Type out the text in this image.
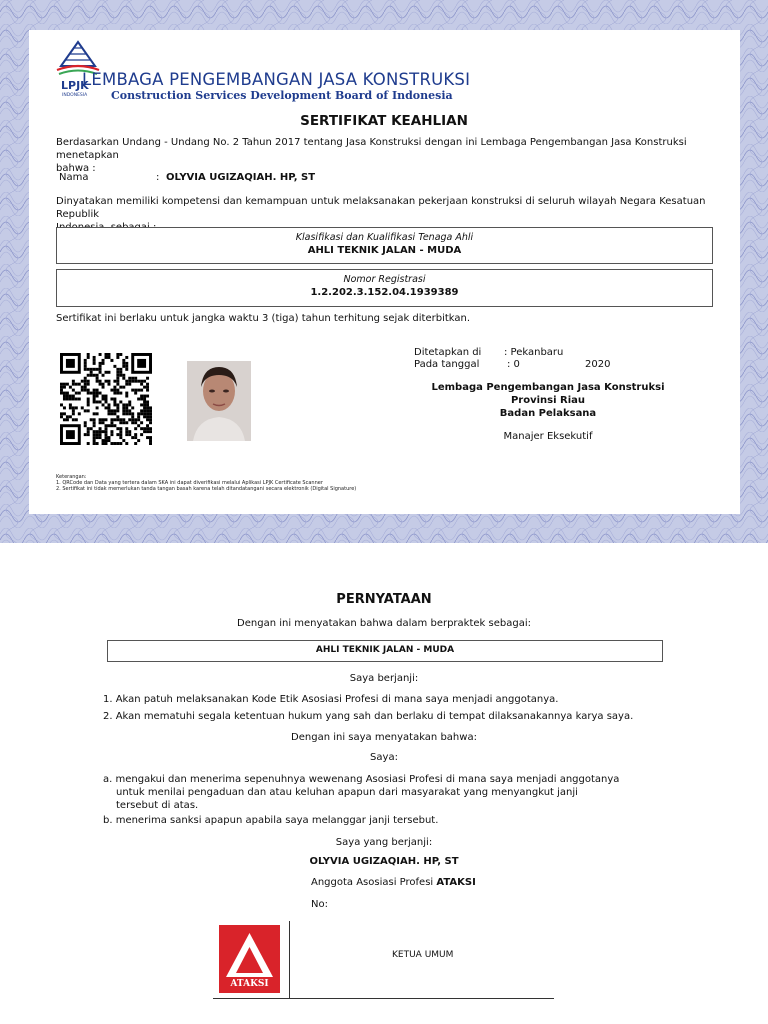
LPJK
INDONESIA
LEMBAGA PENGEMBANGAN JASA KONSTRUKSI
Construction Services Development Board of Indonesia
SERTIFIKAT KEAHLIAN
Berdasarkan Undang - Undang No. 2 Tahun 2017 tentang Jasa Konstruksi dengan ini Lembaga Pengembangan Jasa Konstruksi menetapkan
bahwa :
Nama	: OLYVIA UGIZAQIAH. HP, ST
Dinyatakan memiliki kompetensi dan kemampuan untuk melaksanakan pekerjaan konstruksi di seluruh wilayah Negara Kesatuan Republik
Klasifikasi dan Kualifikasi Tenaga Ahli
AHLI TEKNIK JALAN - MUDA
Nomor Registrasi
1.2.202.3.152.04.1939389
Sertifikat ini berlaku untuk jangka waktu 3 (tiga) tahun terhitung sejak diterbitkan.
Ditetapkan di : Pekanbaru
Pada tanggal	: 0	2020
Lembaga Pengembangan Jasa Konstruksi
Provinsi Riau
Badan Pelaksana
Manajer Eksekutif
Keterangan:
1. QRCode dan Data yang tertera dalam SKA ini dapat diverifikasi melalui Aplikasi LPJK Certificate Scanner
2. Sertifikat ini tidak memerlukan tanda tangan basah karena telah ditandatangani secara elektronik (Digital Signature)
PERNYATAAN
Dengan ini menyatakan bahwa dalam berpraktek sebagai:
AHLI TEKNIK JALAN - MUDA
Saya berjanji:
1. Akan patuh melaksanakan Kode Etik Asosiasi Profesi di mana saya menjadi anggotanya.
2. Akan mematuhi segala ketentuan hukum yang sah dan berlaku di tempat dilaksanakannya karya saya.
Dengan ini saya menyatakan bahwa:
Saya:
a. mengakui dan menerima sepenuhnya wewenang Asosiasi Profesi di mana saya menjadi anggotanya
untuk menilai pengaduan dan atau keluhan apapun dari masyarakat yang menyangkut janji
tersebut di atas.
b. menerima sanksi apapun apabila saya melanggar janji tersebut.
Saya yang berjanji:
OLYVIA UGIZAQIAH. HP, ST
Anggota Asosiasi Profesi ATAKSI
No:
ATAKSI
KETUA UMUM
